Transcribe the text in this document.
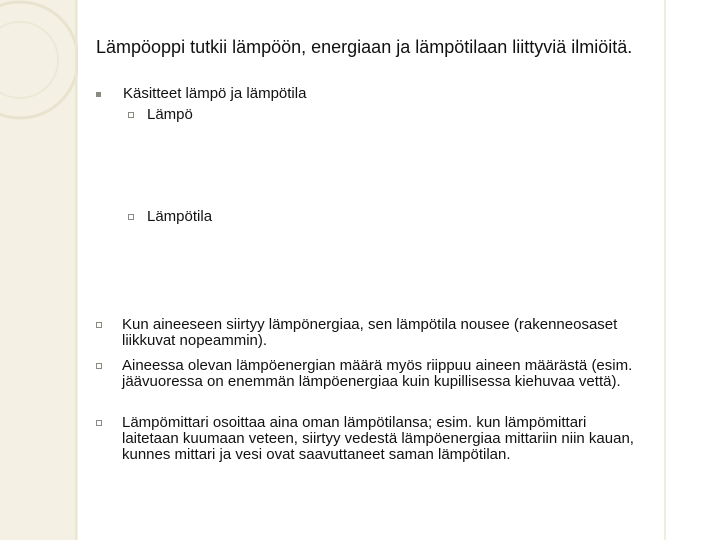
Lämpöoppi tutkii lämpöön, energiaan ja lämpötilaan liittyviä ilmiöitä.
Käsitteet lämpö ja lämpötila
Lämpö
Lämpötila
Kun aineeseen siirtyy lämpönergiaa, sen lämpötila nousee (rakenneosaset liikkuvat nopeammin).
Aineessa olevan lämpöenergian määrä myös riippuu aineen määrästä (esim. jäävuoressa on enemmän lämpöenergiaa kuin kupillisessa kiehuvaa vettä).
Lämpömittari osoittaa aina oman lämpötilansa; esim. kun lämpömittari laitetaan kuumaan veteen, siirtyy vedestä lämpöenergiaa mittariin niin kauan, kunnes mittari ja vesi ovat saavuttaneet saman lämpötilan.
